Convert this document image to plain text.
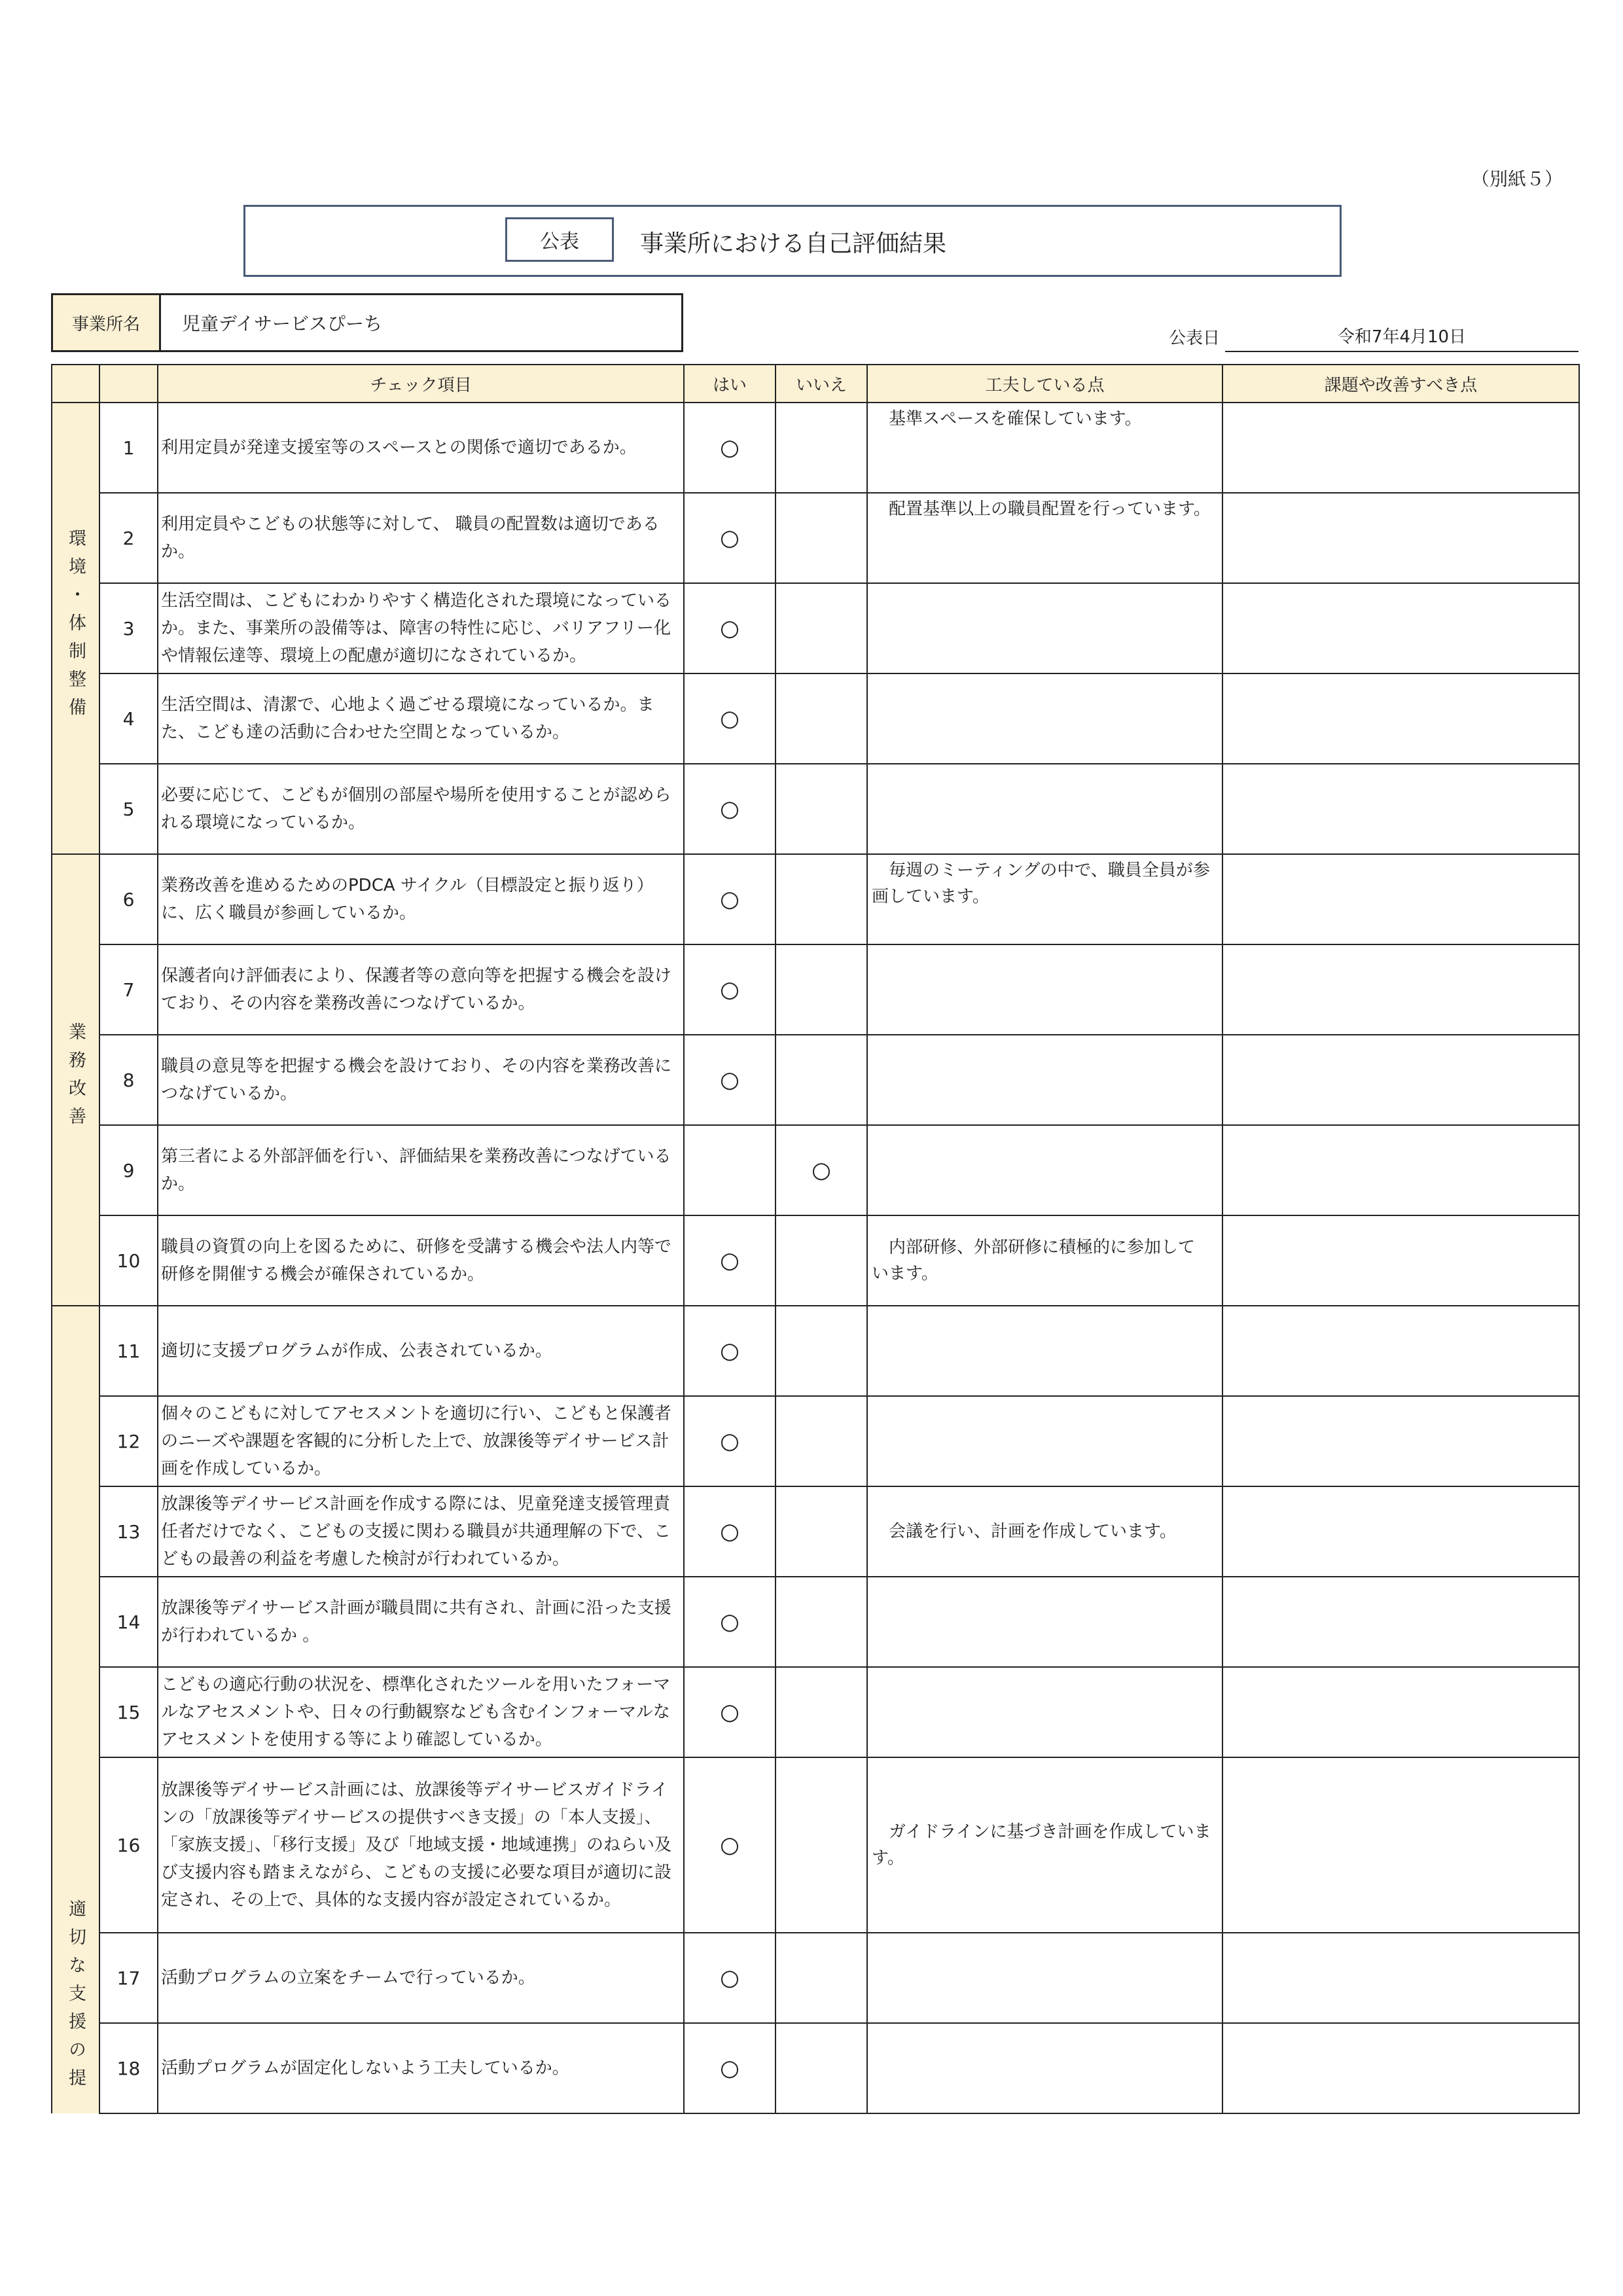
（別紙５）
公表	事業所における自己評価結果
事業所名	児童デイサービスぴーち
公表日	令和7年4月10日
		チェック項目	はい	いいえ	工夫している点	課題や改善すべき点
環境・体制整備	1	利用定員が発達支援室等のスペースとの関係で適切であるか。	○		基準スペースを確保しています。	
	2	利用定員やこどもの状態等に対して、 職員の配置数は適切であるか。	○		配置基準以上の職員配置を行っています。	
	3	生活空間は、こどもにわかりやすく構造化された環境になっているか。また、事業所の設備等は、障害の特性に応じ、バリアフリー化や情報伝達等、環境上の配慮が適切になされているか。	○			
	4	生活空間は、清潔で、心地よく過ごせる環境になっているか。また、こども達の活動に合わせた空間となっているか。	○			
	5	必要に応じて、こどもが個別の部屋や場所を使用することが認められる環境になっているか。	○			
業務改善	6	業務改善を進めるためのPDCA サイクル（目標設定と振り返り）に、広く職員が参画しているか。	○		毎週のミーティングの中で、職員全員が参画しています。	
	7	保護者向け評価表により、保護者等の意向等を把握する機会を設けており、その内容を業務改善につなげているか。	○			
	8	職員の意見等を把握する機会を設けており、その内容を業務改善につなげているか。	○			
	9	第三者による外部評価を行い、評価結果を業務改善につなげているか。		○		
	10	職員の資質の向上を図るために、研修を受講する機会や法人内等で研修を開催する機会が確保されているか。	○		内部研修、外部研修に積極的に参加しています。	
適切な支援の提	11	適切に支援プログラムが作成、公表されているか。	○			
	12	個々のこどもに対してアセスメントを適切に行い、こどもと保護者のニーズや課題を客観的に分析した上で、放課後等デイサービス計画を作成しているか。	○			
	13	放課後等デイサービス計画を作成する際には、児童発達支援管理責任者だけでなく、こどもの支援に関わる職員が共通理解の下で、こどもの最善の利益を考慮した検討が行われているか。	○		会議を行い、計画を作成しています。	
	14	放課後等デイサービス計画が職員間に共有され、計画に沿った支援が行われているか 。	○			
	15	こどもの適応行動の状況を、標準化されたツールを用いたフォーマルなアセスメントや、日々の行動観察なども含むインフォーマルなアセスメントを使用する等により確認しているか。	○			
	16	放課後等デイサービス計画には、放課後等デイサービスガイドラインの「放課後等デイサービスの提供すべき支援」の「本人支援」、「家族支援」、「移行支援」及び「地域支援・地域連携」のねらい及び支援内容も踏まえながら、こどもの支援に必要な項目が適切に設定され、その上で、具体的な支援内容が設定されているか。	○		ガイドラインに基づき計画を作成しています。	
	17	活動プログラムの立案をチームで行っているか。	○			
	18	活動プログラムが固定化しないよう工夫しているか。	○			
